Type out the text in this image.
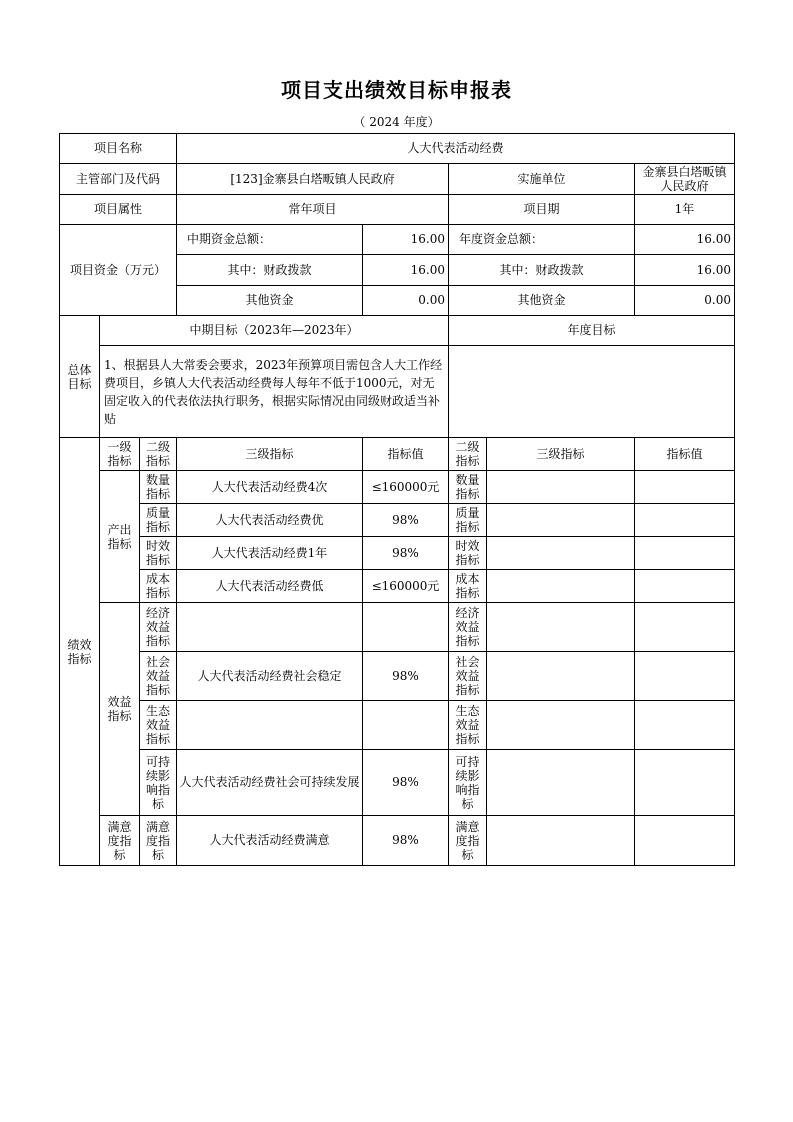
项目支出绩效目标申报表
（ 2024 年度）
项目名称			人大代表活动经费				
主管部门及代码			[123]金寨县白塔畈镇人民政府		实施单位		金寨县白塔畈镇人民政府
项目属性			常年项目		项目期		1年
项目资金（万元）			中期资金总额：	16.00	年度资金总额：		16.00
			其中：财政拨款	16.00	其中：财政拨款		16.00
			其他资金	0.00	其他资金		0.00
总体目标	中期目标（2023年—2023年）				年度目标		
	1、根据县人大常委会要求，2023年预算项目需包含人大工作经费项目，乡镇人大代表活动经费每人每年不低于1000元，对无固定收入的代表依法执行职务，根据实际情况由同级财政适当补贴						
绩效指标	一级指标	二级指标	三级指标	指标值	二级指标	三级指标	指标值
	产出指标	数量指标	人大代表活动经费4次	≤160000元	数量指标		
		质量指标	人大代表活动经费优	98%	质量指标		
		时效指标	人大代表活动经费1年	98%	时效指标		
		成本指标	人大代表活动经费低	≤160000元	成本指标		
	效益指标	经济效益指标			经济效益指标		
		社会效益指标	人大代表活动经费社会稳定	98%	社会效益指标		
		生态效益指标			生态效益指标		
		可持续影响指标	人大代表活动经费社会可持续发展	98%	可持续影响指标		
	满意度指标	满意度指标	人大代表活动经费满意	98%	满意度指标		
